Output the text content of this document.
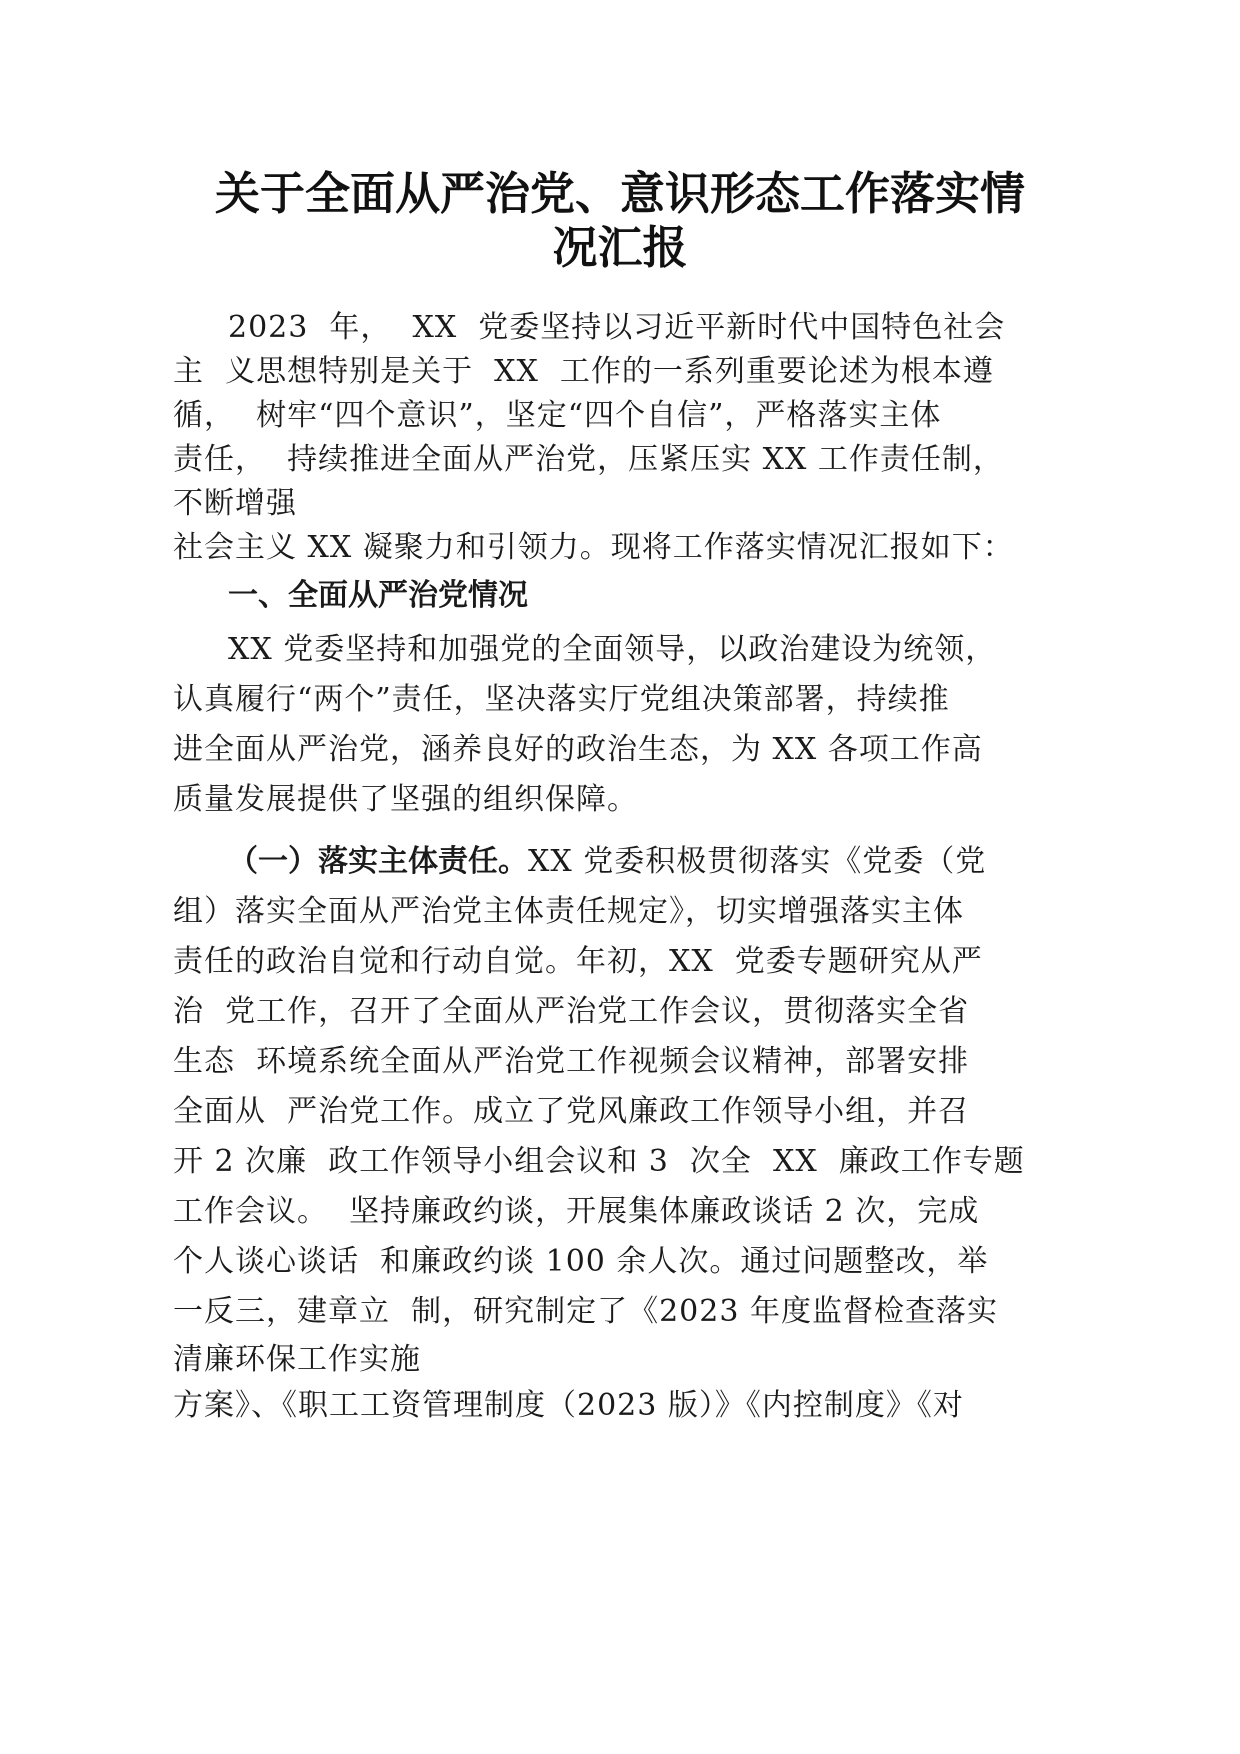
关于全面从严治党、意识形态工作落实情
况汇报
2023  年，  XX  党委坚持以习近平新时代中国特色社会
主  义思想特别是关于  XX  工作的一系列重要论述为根本遵
循，  树牢“四个意识”，坚定“四个自信”，严格落实主体
责任，  持续推进全面从严治党，压紧压实 XX 工作责任制，
不断增强
社会主义 XX 凝聚力和引领力。现将工作落实情况汇报如下：
一、全面从严治党情况
XX 党委坚持和加强党的全面领导，以政治建设为统领，
认真履行“两个”责任，坚决落实厅党组决策部署，持续推
进全面从严治党，涵养良好的政治生态，为 XX 各项工作高
质量发展提供了坚强的组织保障。
（一）落实主体责任。XX 党委积极贯彻落实《党委（党
组）落实全面从严治党主体责任规定》，切实增强落实主体
责任的政治自觉和行动自觉。年初，XX  党委专题研究从严
治  党工作，召开了全面从严治党工作会议，贯彻落实全省
生态  环境系统全面从严治党工作视频会议精神，部署安排
全面从  严治党工作。成立了党风廉政工作领导小组，并召
开 2 次廉  政工作领导小组会议和 3  次全  XX  廉政工作专题
工作会议。  坚持廉政约谈，开展集体廉政谈话 2 次，完成
个人谈心谈话  和廉政约谈 100 余人次。通过问题整改，举
一反三，建章立  制，研究制定了《2023 年度监督检查落实
清廉环保工作实施
方案》、《职工工资管理制度（2023 版）》《内控制度》《对
